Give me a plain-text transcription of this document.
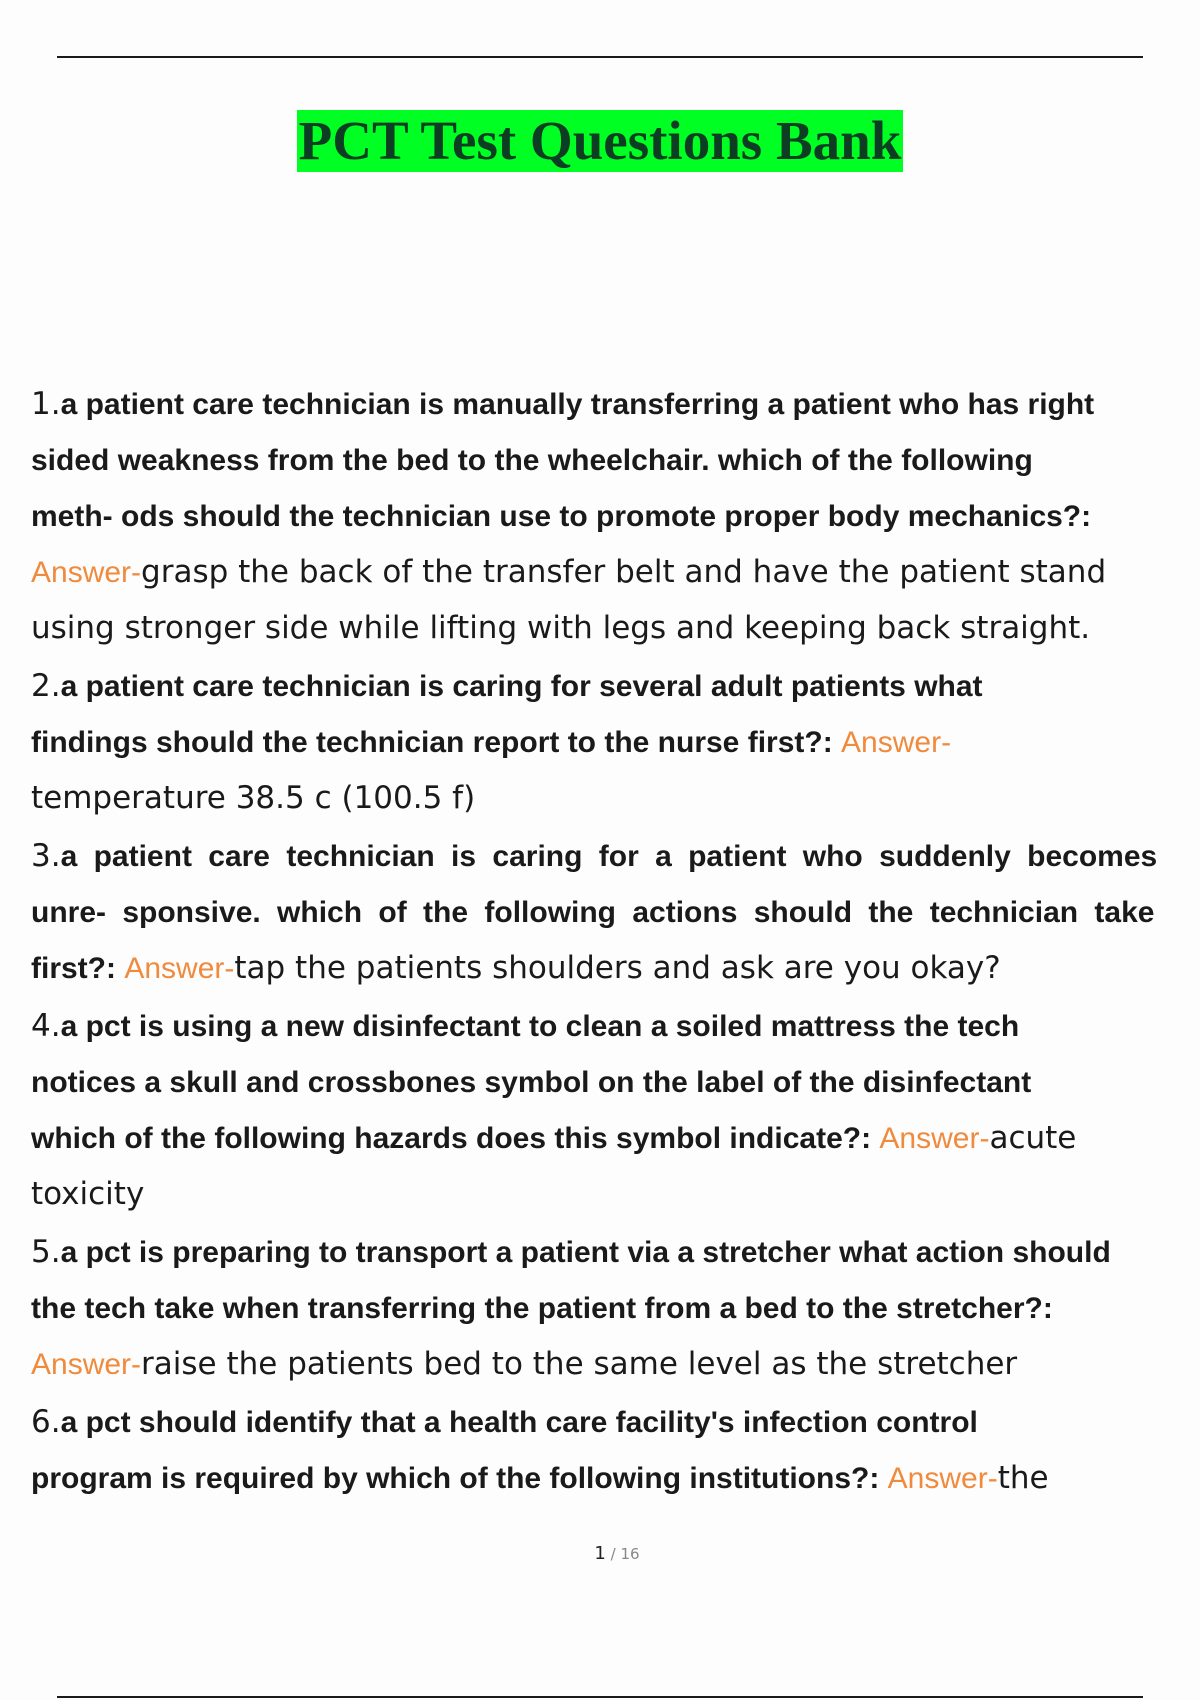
PCT Test Questions Bank
1.a patient care technician is manually transferring a patient who has right
sided weakness from the bed to the wheelchair. which of the following
meth- ods should the technician use to promote proper body mechanics?:
Answer-grasp the back of the transfer belt and have the patient stand
using stronger side while lifting with legs and keeping back straight.
2.a patient care technician is caring for several adult patients what
findings should the technician report to the nurse first?: Answer-
temperature 38.5 c (100.5 f)
3.a patient care technician is caring for a patient who suddenly becomes
unre- sponsive. which of the following actions should the technician take
first?: Answer-tap the patients shoulders and ask are you okay?
4.a pct is using a new disinfectant to clean a soiled mattress the tech
notices a skull and crossbones symbol on the label of the disinfectant
which of the following hazards does this symbol indicate?: Answer-acute
toxicity
5.a pct is preparing to transport a patient via a stretcher what action should
the tech take when transferring the patient from a bed to the stretcher?:
Answer-raise the patients bed to the same level as the stretcher
6.a pct should identify that a health care facility's infection control
program is required by which of the following institutions?: Answer-the
1 / 16
